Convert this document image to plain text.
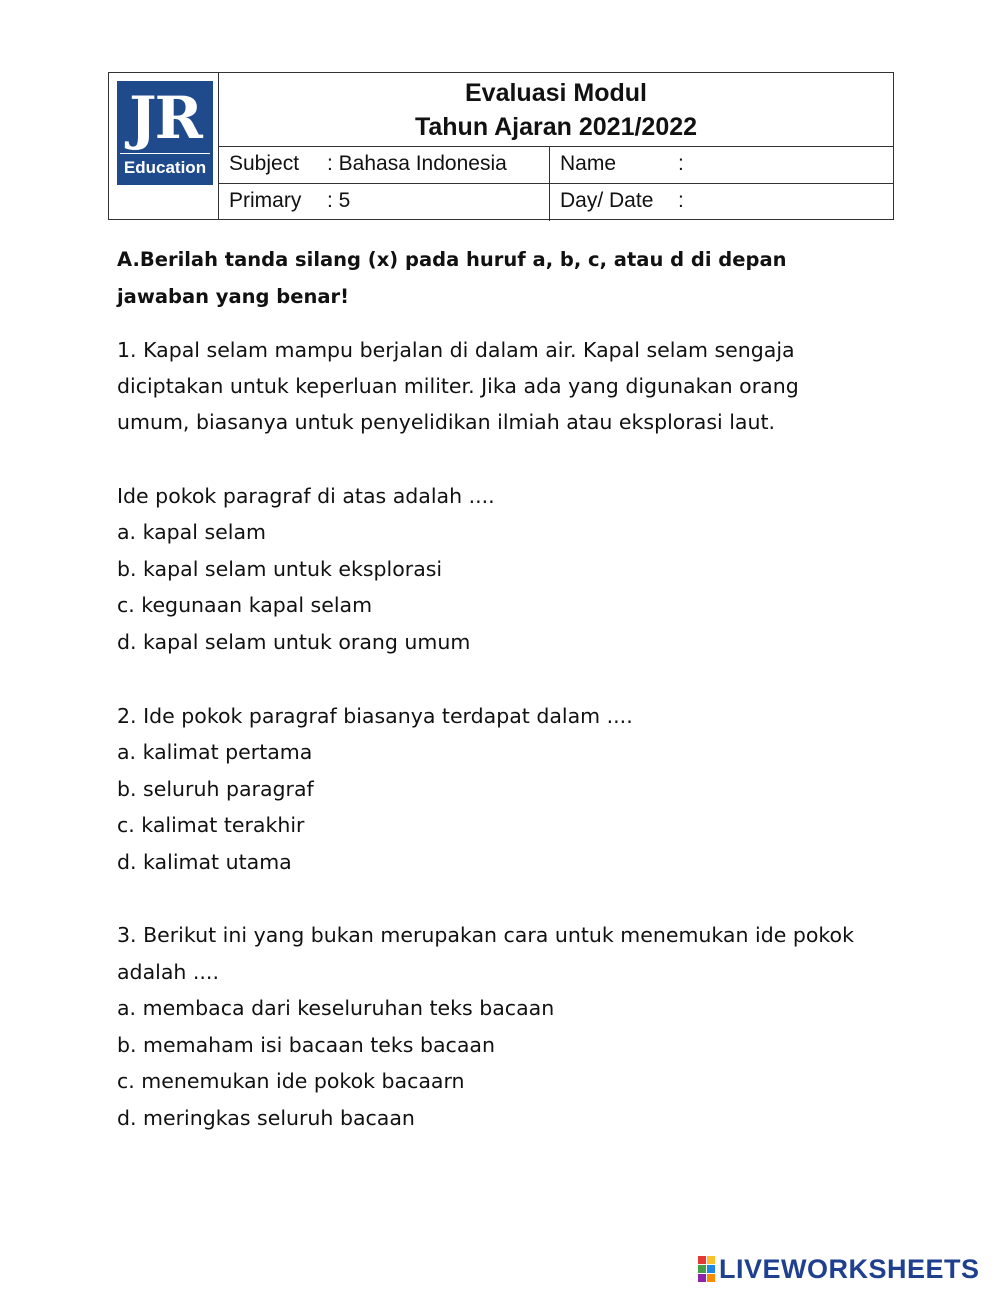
JR
Education
Evaluasi Modul
Tahun Ajaran 2021/2022
Subject : Bahasa Indonesia	Name	:
Primary : 5	Day/ Date :
A.Berilah tanda silang (x) pada huruf a, b, c, atau d di depan
jawaban yang benar!
1. Kapal selam mampu berjalan di dalam air. Kapal selam sengaja
diciptakan untuk keperluan militer. Jika ada yang digunakan orang
umum, biasanya untuk penyelidikan ilmiah atau eksplorasi laut.
Ide pokok paragraf di atas adalah ....
a. kapal selam
b. kapal selam untuk eksplorasi
c. kegunaan kapal selam
d. kapal selam untuk orang umum
2. Ide pokok paragraf biasanya terdapat dalam ....
a. kalimat pertama
b. seluruh paragraf
c. kalimat terakhir
d. kalimat utama
3. Berikut ini yang bukan merupakan cara untuk menemukan ide pokok
adalah ....
a. membaca dari keseluruhan teks bacaan
b. memaham isi bacaan teks bacaan
c. menemukan ide pokok bacaarn
d. meringkas seluruh bacaan
LIVEWORKSHEETS
